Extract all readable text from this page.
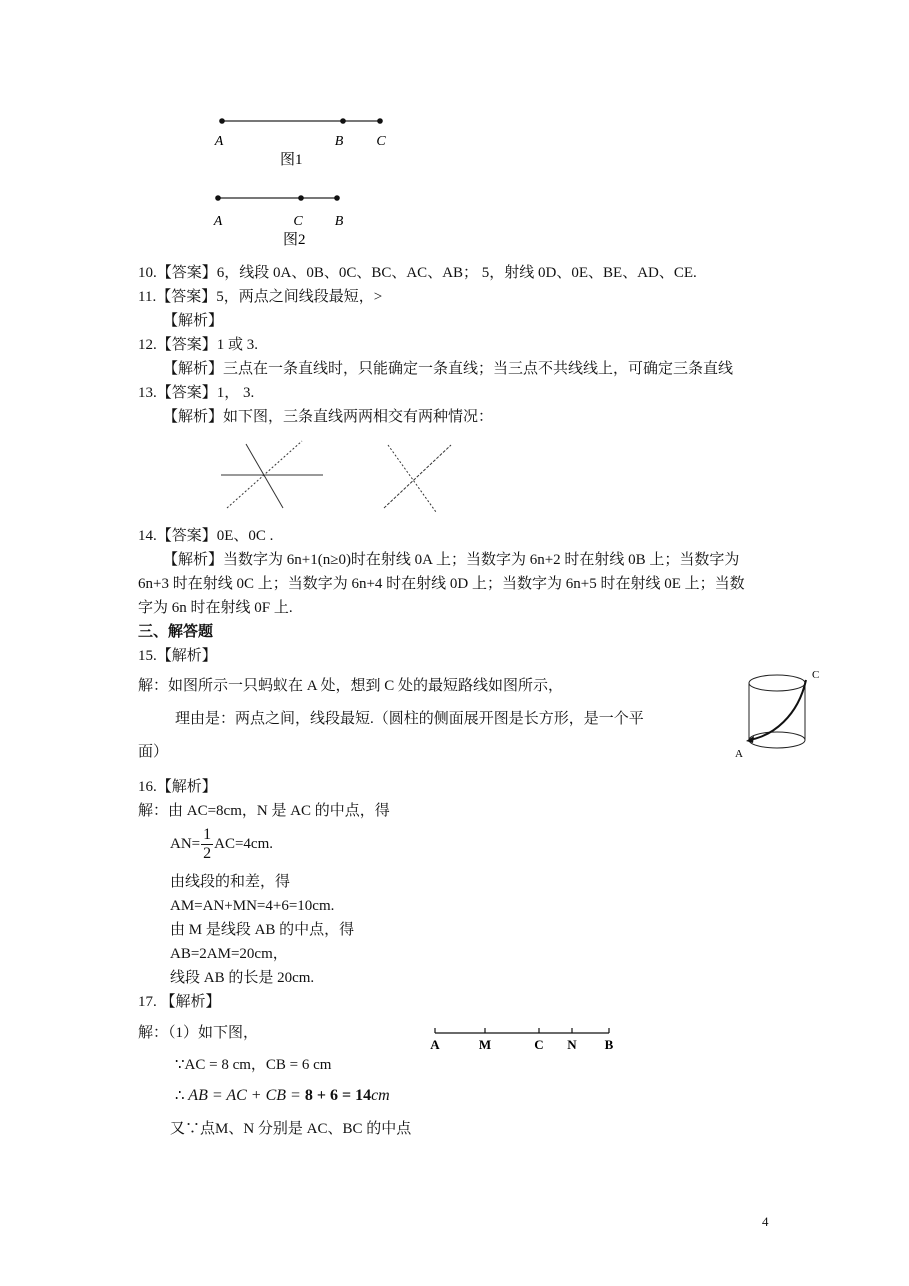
A	B C
图1
A	C B
图2
10.【答案】6，线段 0A、0B、0C、BC、AC、AB； 5，射线 0D、0E、BE、AD、CE.
11.【答案】5，两点之间线段最短，>
【解析】
12.【答案】1 或 3.
【解析】三点在一条直线时，只能确定一条直线；当三点不共线线上，可确定三条直线
13.【答案】1， 3.
【解析】如下图，三条直线两两相交有两种情况：
14.【答案】0E、0C .
【解析】当数字为 6n+1(n≥0)时在射线 0A 上；当数字为 6n+2 时在射线 0B 上；当数字为
6n+3 时在射线 0C 上；当数字为 6n+4 时在射线 0D 上；当数字为 6n+5 时在射线 0E 上；当数
字为 6n 时在射线 0F 上.
三、解答题
15.【解析】
解：如图所示一只蚂蚁在 A 处，想到 C 处的最短路线如图所示，
理由是：两点之间，线段最短.（圆柱的侧面展开图是长方形，是一个平
面）
C
A
16.【解析】
解：由 AC=8cm，N 是 AC 的中点，得
$AN= \frac{1}{2} AC=4cm$.
由线段的和差，得
AM=AN+MN=4+6=10cm.
由 M 是线段 AB 的中点，得
AB=2AM=20cm，
线段 AB 的长是 20cm.
17. 【解析】
解：（1）如下图，
A	M	C N B
∵AC = 8 cm，CB = 6 cm
∴ AB = AC + CB = 8 + 6 = 14cm
又∵点M、N 分别是 AC、BC 的中点
4
